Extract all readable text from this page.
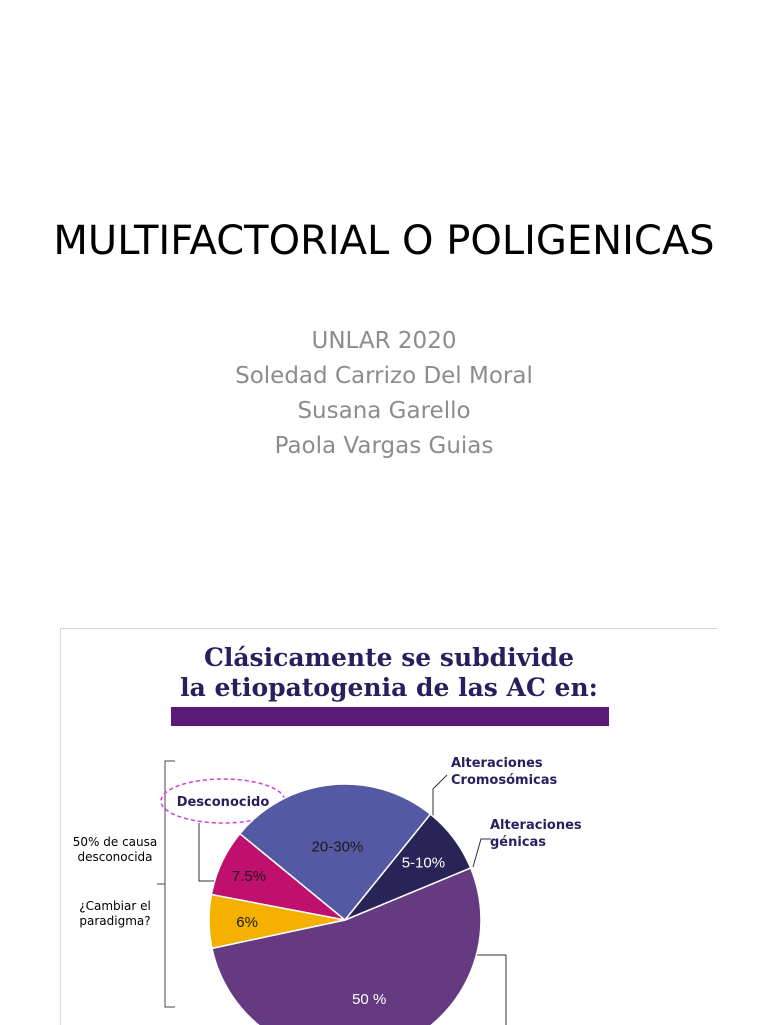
MULTIFACTORIAL O POLIGENICAS
UNLAR 2020
Soledad Carrizo Del Moral
Susana Garello
Paola Vargas Guias
Clásicamente se subdivide
la etiopatogenia de las AC en:
50 %
6%
7.5%
20-30%
5-10%
Desconocido
50% de causa
desconocida
¿Cambiar el
paradigma?
Alteraciones
Cromosómicas
Alteraciones
génicas
